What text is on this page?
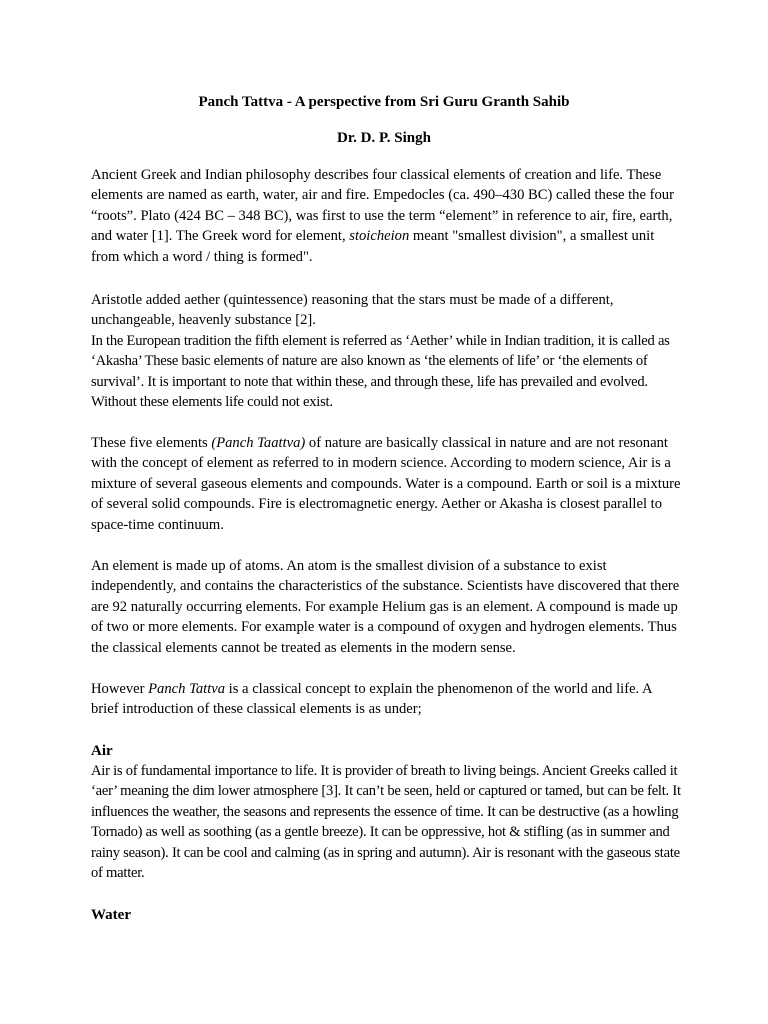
Panch Tattva - A perspective from Sri Guru Granth Sahib
Dr. D. P. Singh

Ancient Greek and Indian philosophy describes four classical elements of creation and life. These elements are named as earth, water, air and fire. Empedocles (ca. 490–430 BC) called these the four “roots”. Plato (424 BC – 348 BC), was first to use the term “element” in reference to air, fire, earth, and water [1]. The Greek word for element, stoicheion meant "smallest division", a smallest unit from which a word / thing is formed".

Aristotle added aether (quintessence) reasoning that the stars must be made of a different, unchangeable, heavenly substance [2].

In the European tradition the fifth element is referred as ‘Aether’ while in Indian tradition, it is called as ‘Akasha’ These basic elements of nature are also known as ‘the elements of life’ or ‘the elements of survival’. It is important to note that within these, and through these, life has prevailed and evolved. Without these elements life could not exist.

These five elements (Panch Taattva) of nature are basically classical in nature and are not resonant with the concept of element as referred to in modern science. According to modern science, Air is a mixture of several gaseous elements and compounds. Water is a compound. Earth or soil is a mixture of several solid compounds. Fire is electromagnetic energy. Aether or Akasha is closest parallel to space-time continuum.

An element is made up of atoms. An atom is the smallest division of a substance to exist independently, and contains the characteristics of the substance. Scientists have discovered that there are 92 naturally occurring elements. For example Helium gas is an element. A compound is made up of two or more elements. For example water is a compound of oxygen and hydrogen elements. Thus the classical elements cannot be treated as elements in the modern sense.

However Panch Tattva is a classical concept to explain the phenomenon of the world and life. A brief introduction of these classical elements is as under;

Air

Air is of fundamental importance to life. It is provider of breath to living beings. Ancient Greeks called it ‘aer’ meaning the dim lower atmosphere [3]. It can’t be seen, held or captured or tamed, but can be felt. It influences the weather, the seasons and represents the essence of time. It can be destructive (as a howling Tornado) as well as soothing (as a gentle breeze). It can be oppressive, hot & stifling (as in summer and rainy season). It can be cool and calming (as in spring and autumn). Air is resonant with the gaseous state of matter.

Water
